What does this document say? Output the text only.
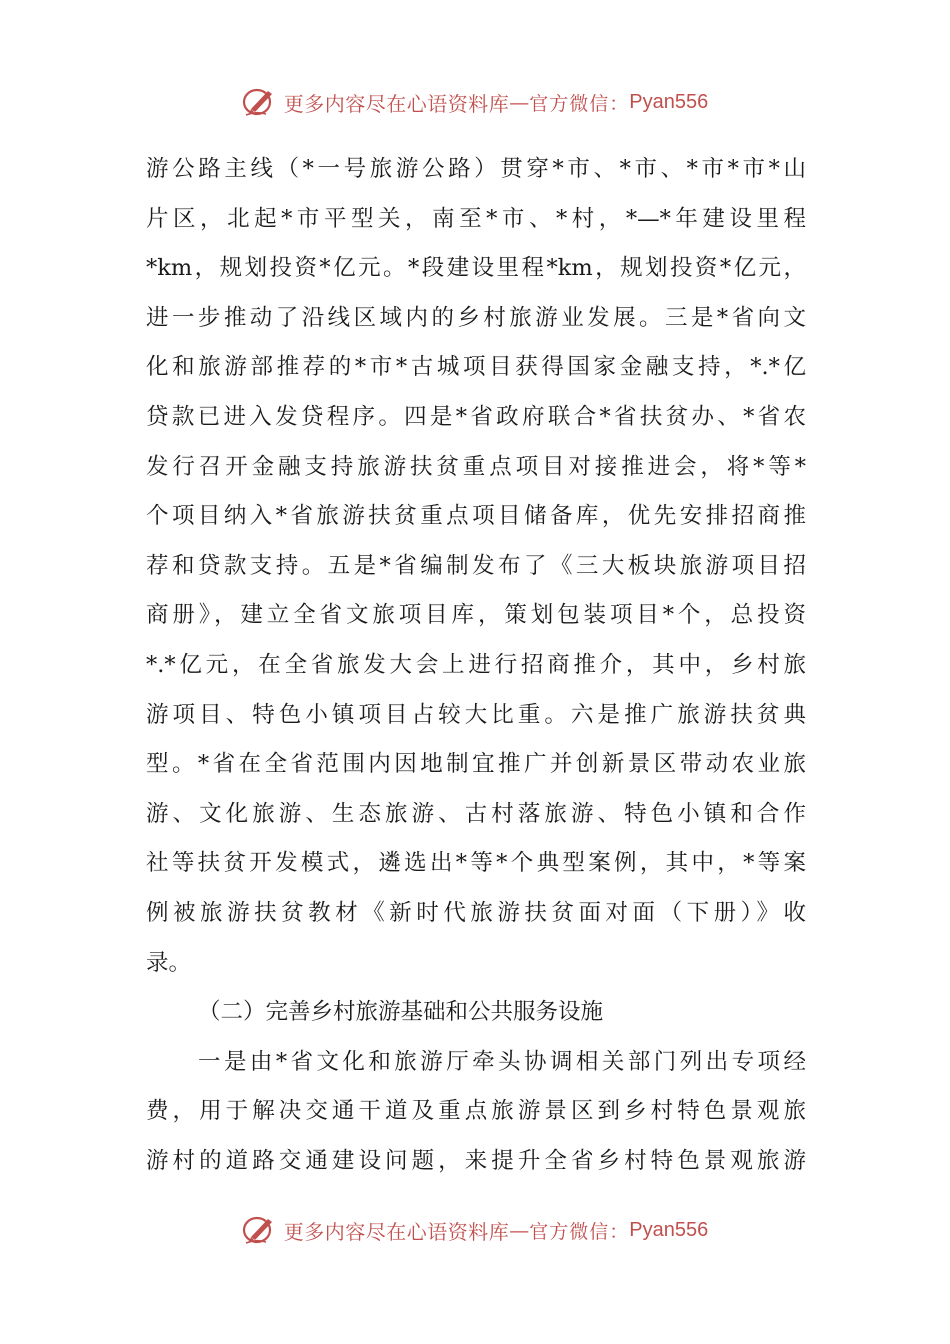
更多内容尽在心语资料库 — 官方微信： Pyan556
游公路主线（*一号旅游公路）贯穿*市、*市、*市*市*山
片区，北起*市平型关，南至*市、*村，*—*年建设里程
*km，规划投资*亿元。*段建设里程*km，规划投资*亿元，
进一步推动了沿线区域内的乡村旅游业发展。三是*省向文
化和旅游部推荐的*市*古城项目获得国家金融支持，*.*亿
贷款已进入发贷程序。四是*省政府联合*省扶贫办、*省农
发行召开金融支持旅游扶贫重点项目对接推进会，将*等*
个项目纳入*省旅游扶贫重点项目储备库，优先安排招商推
荐和贷款支持。五是*省编制发布了《三大板块旅游项目招
商册》，建立全省文旅项目库，策划包装项目*个，总投资
*.*亿元，在全省旅发大会上进行招商推介，其中，乡村旅
游项目、特色小镇项目占较大比重。六是推广旅游扶贫典
型。*省在全省范围内因地制宜推广并创新景区带动农业旅
游、文化旅游、生态旅游、古村落旅游、特色小镇和合作
社等扶贫开发模式，遴选出*等*个典型案例，其中，*等案
例被旅游扶贫教材《新时代旅游扶贫面对面（下册）》收
录。
（二）完善乡村旅游基础和公共服务设施
一是由*省文化和旅游厅牵头协调相关部门列出专项经
费，用于解决交通干道及重点旅游景区到乡村特色景观旅
游村的道路交通建设问题，来提升全省乡村特色景观旅游
更多内容尽在心语资料库 — 官方微信： Pyan556
